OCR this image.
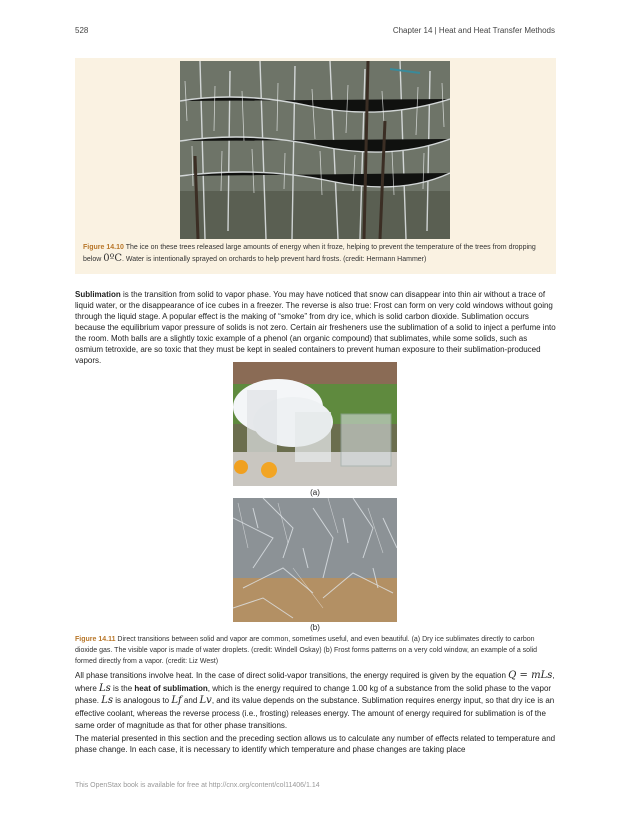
528	Chapter 14 | Heat and Heat Transfer Methods
Figure 14.10 The ice on these trees released large amounts of energy when it froze, helping to prevent the temperature of the trees from dropping below 0ºC. Water is intentionally sprayed on orchards to help prevent hard frosts. (credit: Hermann Hammer)
Sublimation is the transition from solid to vapor phase. You may have noticed that snow can disappear into thin air without a trace of liquid water, or the disappearance of ice cubes in a freezer. The reverse is also true: Frost can form on very cold windows without going through the liquid stage. A popular effect is the making of “smoke” from dry ice, which is solid carbon dioxide. Sublimation occurs because the equilibrium vapor pressure of solids is not zero. Certain air fresheners use the sublimation of a solid to inject a perfume into the room. Moth balls are a slightly toxic example of a phenol (an organic compound) that sublimates, while some solids, such as osmium tetroxide, are so toxic that they must be kept in sealed containers to prevent human exposure to their sublimation-produced vapors.
(a)
(b)
Figure 14.11 Direct transitions between solid and vapor are common, sometimes useful, and even beautiful. (a) Dry ice sublimates directly to carbon dioxide gas. The visible vapor is made of water droplets. (credit: Windell Oskay) (b) Frost forms patterns on a very cold window, an example of a solid formed directly from a vapor. (credit: Liz West)
All phase transitions involve heat. In the case of direct solid-vapor transitions, the energy required is given by the equation Q = mLs, where Ls is the heat of sublimation, which is the energy required to change 1.00 kg of a substance from the solid phase to the vapor phase. Ls is analogous to Lf and Lv, and its value depends on the substance. Sublimation requires energy input, so that dry ice is an effective coolant, whereas the reverse process (i.e., frosting) releases energy. The amount of energy required for sublimation is of the same order of magnitude as that for other phase transitions.
The material presented in this section and the preceding section allows us to calculate any number of effects related to temperature and phase change. In each case, it is necessary to identify which temperature and phase changes are taking place
This OpenStax book is available for free at http://cnx.org/content/col11406/1.14
